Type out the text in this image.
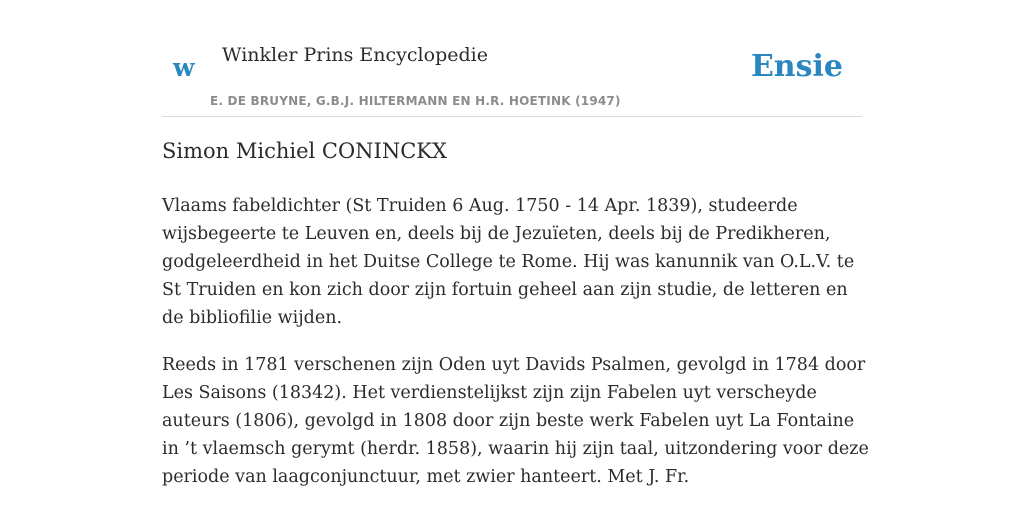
w Winkler Prins Encyclopedie
E. DE BRUYNE, G.B.J. HILTERMANN EN H.R. HOETINK (1947)
Ensie
Simon Michiel CONINCKX

Vlaams fabeldichter (St Truiden 6 Aug. 1750 - 14 Apr. 1839), studeerde wijsbegeerte te Leuven en, deels bij de Jezuïeten, deels bij de Predikheren, godgeleerdheid in het Duitse College te Rome. Hij was kanunnik van O.L.V. te St Truiden en kon zich door zijn fortuin geheel aan zijn studie, de letteren en de bibliofilie wijden.

Reeds in 1781 verschenen zijn Oden uyt Davids Psalmen, gevolgd in 1784 door Les Saisons (18342). Het verdienstelijkst zijn zijn Fabelen uyt verscheyde auteurs (1806), gevolgd in 1808 door zijn beste werk Fabelen uyt La Fontaine in ’t vlaemsch gerymt (herdr. 1858), waarin hij zijn taal, uitzondering voor deze periode van laagconjunctuur, met zwier hanteert. Met J. Fr.
